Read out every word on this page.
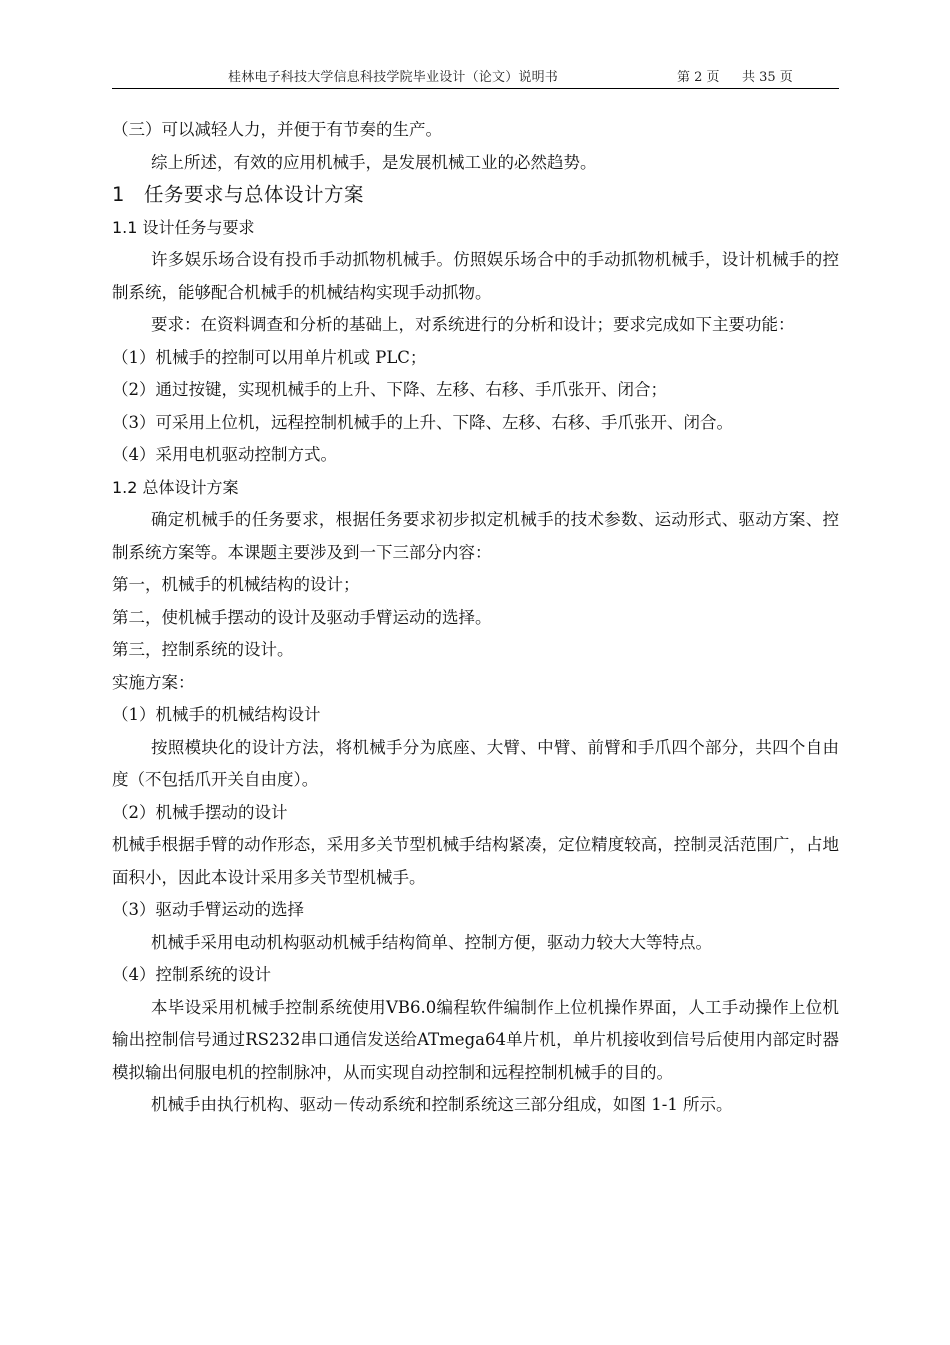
桂林电子科技大学信息科技学院毕业设计（论文）说明书	第 2 页 共 35 页

（三）可以减轻人力，并便于有节奏的生产。

综上所述，有效的应用机械手，是发展机械工业的必然趋势。

1 任务要求与总体设计方案

1.1 设计任务与要求

许多娱乐场合设有投币手动抓物机械手。仿照娱乐场合中的手动抓物机械手，设计机械手的控制系统，能够配合机械手的机械结构实现手动抓物。

要求：在资料调查和分析的基础上，对系统进行的分析和设计；要求完成如下主要功能：

（1）机械手的控制可以用单片机或 PLC；

（2）通过按键，实现机械手的上升、下降、左移、右移、手爪张开、闭合；

（3）可采用上位机，远程控制机械手的上升、下降、左移、右移、手爪张开、闭合。

（4）采用电机驱动控制方式。

1.2 总体设计方案

确定机械手的任务要求，根据任务要求初步拟定机械手的技术参数、运动形式、驱动方案、控制系统方案等。本课题主要涉及到一下三部分内容：

第一，机械手的机械结构的设计；

第二，使机械手摆动的设计及驱动手臂运动的选择。

第三，控制系统的设计。

实施方案：

（1）机械手的机械结构设计

按照模块化的设计方法，将机械手分为底座、大臂、中臂、前臂和手爪四个部分，共四个自由度（不包括爪开关自由度）。

（2）机械手摆动的设计

机械手根据手臂的动作形态，采用多关节型机械手结构紧凑，定位精度较高，控制灵活范围广，占地面积小，因此本设计采用多关节型机械手。

（3）驱动手臂运动的选择

机械手采用电动机构驱动机械手结构简单、控制方便，驱动力较大大等特点。

（4）控制系统的设计

本毕设采用机械手控制系统使用VB6.0编程软件编制作上位机操作界面，人工手动操作上位机输出控制信号通过RS232串口通信发送给ATmega64单片机，单片机接收到信号后使用内部定时器模拟输出伺服电机的控制脉冲，从而实现自动控制和远程控制机械手的目的。

机械手由执行机构、驱动－传动系统和控制系统这三部分组成，如图 1-1 所示。
